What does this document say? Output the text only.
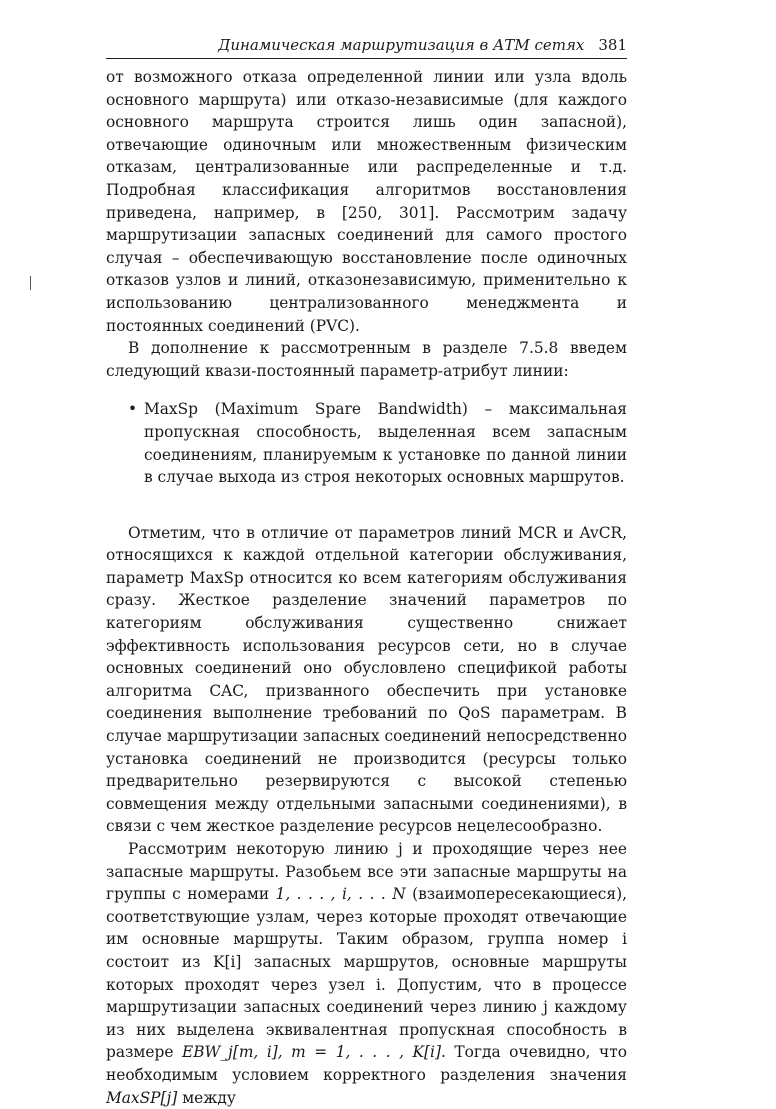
Динамическая маршрутизация в АТМ сетях 381

от возможного отказа определенной линии или узла вдоль основного маршрута) или отказо-независимые (для каждого основного маршрута строится лишь один запасной), отвечающие одиночным или множественным физическим отказам, централизованные или распределенные и т.д. Подробная классификация алгоритмов восстановления приведена, например, в [250, 301]. Рассмотрим задачу маршрутизации запасных соединений для самого простого случая – обеспечивающую восстановление после одиночных отказов узлов и линий, отказонезависимую, применительно к использованию централизованного менеджмента и постоянных соединений (PVC).

В дополнение к рассмотренным в разделе 7.5.8 введем следующий квази-постоянный параметр-атрибут линии:

• MaxSp (Maximum Spare Bandwidth) – максимальная пропускная способность, выделенная всем запасным соединениям, планируемым к установке по данной линии в случае выхода из строя некоторых основных маршрутов.

Отметим, что в отличие от параметров линий MCR и AvCR, относящихся к каждой отдельной категории обслуживания, параметр MaxSp относится ко всем категориям обслуживания сразу. Жесткое разделение значений параметров по категориям обслуживания существенно снижает эффективность использования ресурсов сети, но в случае основных соединений оно обусловлено спецификой работы алгоритма CAC, призванного обеспечить при установке соединения выполнение требований по QoS параметрам. В случае маршрутизации запасных соединений непосредственно установка соединений не производится (ресурсы только предварительно резервируются с высокой степенью совмещения между отдельными запасными соединениями), в связи с чем жесткое разделение ресурсов нецелесообразно.

Рассмотрим некоторую линию j и проходящие через нее запасные маршруты. Разобьем все эти запасные маршруты на группы с номерами 1, . . . , i, . . . N (взаимопересекающиеся), соответствующие узлам, через которые проходят отвечающие им основные маршруты. Таким образом, группа номер i состоит из K[i] запасных маршрутов, основные маршруты которых проходят через узел i. Допустим, что в процессе маршрутизации запасных соединений через линию j каждому из них выделена эквивалентная пропускная способность в размере EBW_j[m, i], m = 1, . . . , K[i]. Тогда очевидно, что необходимым условием корректного разделения значения MaxSP[j] между
